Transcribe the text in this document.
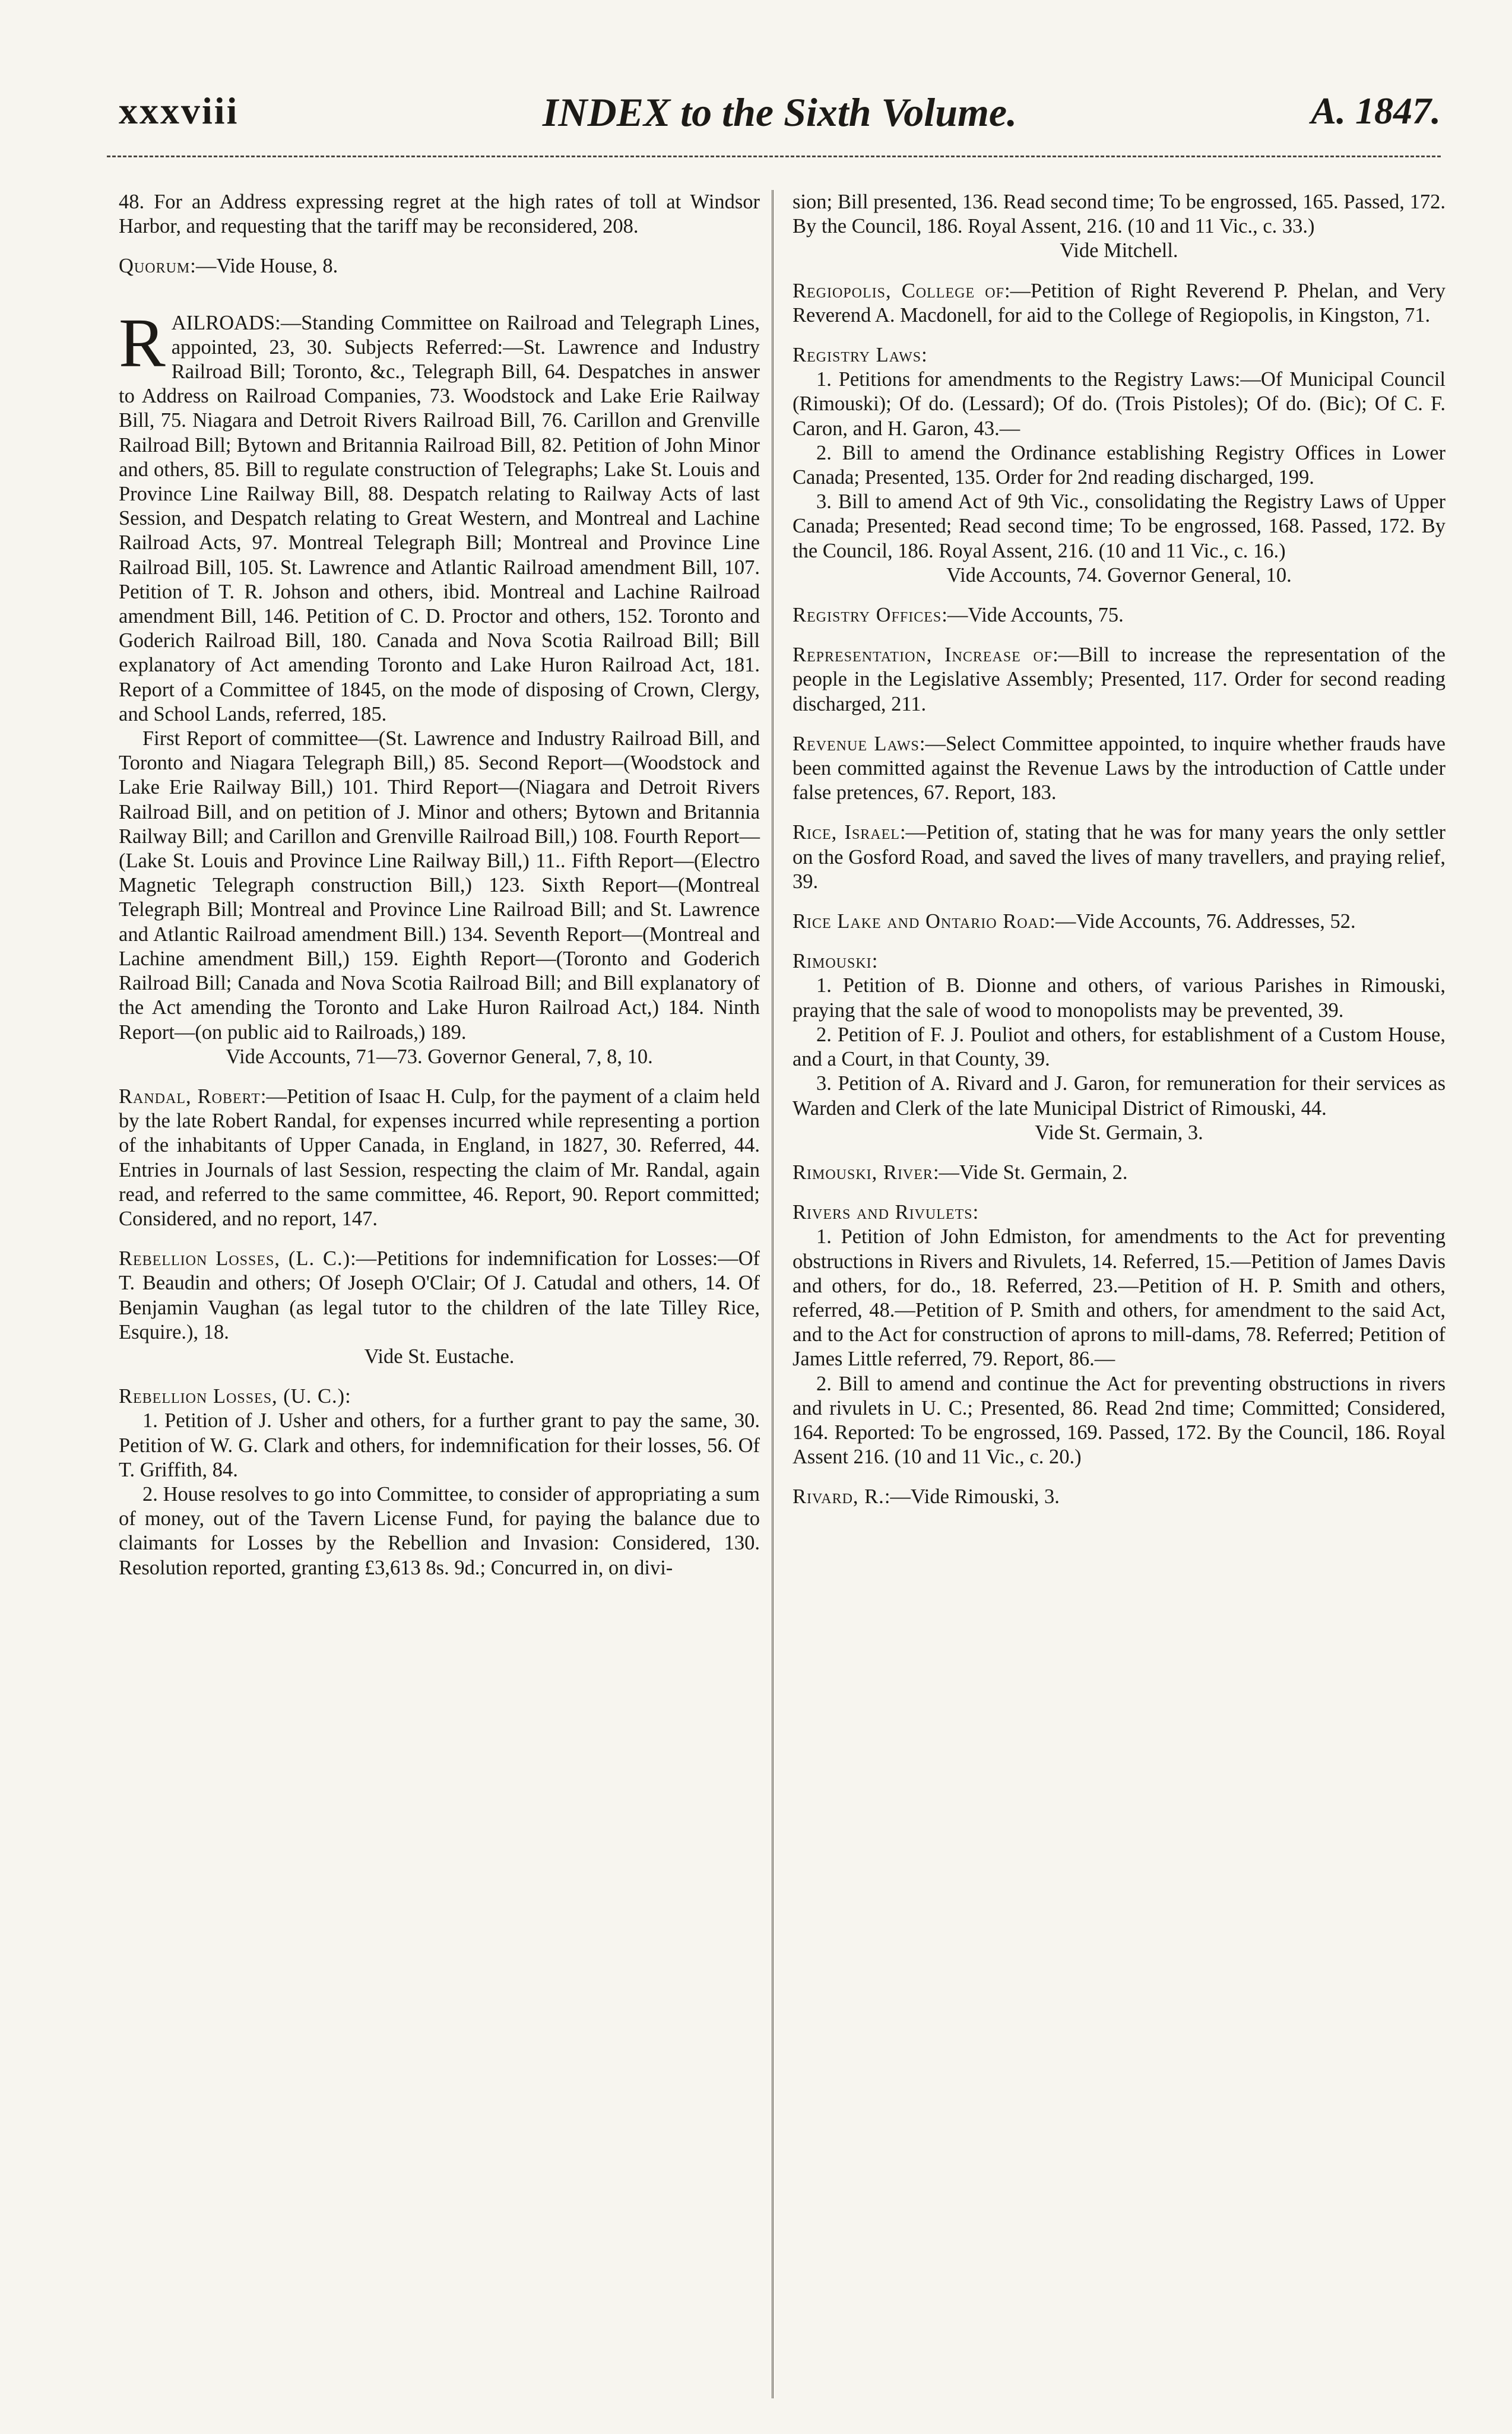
xxxviii	INDEX to the Sixth Volume.	A. 1847.

48. For an Address expressing regret at the high rates of toll at Windsor Harbor, and requesting that the tariff may be reconsidered, 208.

Quorum:—Vide House, 8.

RAILROADS:—Standing Committee on Railroad and Telegraph Lines, appointed, 23, 30. Subjects Referred:—St. Lawrence and Industry Railroad Bill; Toronto, &c., Telegraph Bill, 64. Despatches in answer to Address on Railroad Companies, 73. Woodstock and Lake Erie Railway Bill, 75. Niagara and Detroit Rivers Railroad Bill, 76. Carillon and Grenville Railroad Bill; Bytown and Britannia Railroad Bill, 82. Petition of John Minor and others, 85. Bill to regulate construction of Telegraphs; Lake St. Louis and Province Line Railway Bill, 88. Despatch relating to Railway Acts of last Session, and Despatch relating to Great Western, and Montreal and Lachine Railroad Acts, 97. Montreal Telegraph Bill; Montreal and Province Line Railroad Bill, 105. St. Lawrence and Atlantic Railroad amendment Bill, 107. Petition of T. R. Johson and others, ibid. Montreal and Lachine Railroad amendment Bill, 146. Petition of C. D. Proctor and others, 152. Toronto and Goderich Railroad Bill, 180. Canada and Nova Scotia Railroad Bill; Bill explanatory of Act amending Toronto and Lake Huron Railroad Act, 181. Report of a Committee of 1845, on the mode of disposing of Crown, Clergy, and School Lands, referred, 185.

First Report of committee—(St. Lawrence and Industry Railroad Bill, and Toronto and Niagara Telegraph Bill,) 85. Second Report—(Woodstock and Lake Erie Railway Bill,) 101. Third Report—(Niagara and Detroit Rivers Railroad Bill, and on petition of J. Minor and others; Bytown and Britannia Railway Bill; and Carillon and Grenville Railroad Bill,) 108. Fourth Report—(Lake St. Louis and Province Line Railway Bill,) 11.. Fifth Report—(Electro Magnetic Telegraph construction Bill,) 123. Sixth Report—(Montreal Telegraph Bill; Montreal and Province Line Railroad Bill; and St. Lawrence and Atlantic Railroad amendment Bill.) 134. Seventh Report—(Montreal and Lachine amendment Bill,) 159. Eighth Report—(Toronto and Goderich Railroad Bill; Canada and Nova Scotia Railroad Bill; and Bill explanatory of the Act amending the Toronto and Lake Huron Railroad Act,) 184. Ninth Report—(on public aid to Railroads,) 189.

Vide Accounts, 71—73. Governor General, 7, 8, 10.

Randal, Robert:—Petition of Isaac H. Culp, for the payment of a claim held by the late Robert Randal, for expenses incurred while representing a portion of the inhabitants of Upper Canada, in England, in 1827, 30. Referred, 44. Entries in Journals of last Session, respecting the claim of Mr. Randal, again read, and referred to the same committee, 46. Report, 90. Report committed; Considered, and no report, 147.

Rebellion Losses, (L. C.):—Petitions for indemnification for Losses:—Of T. Beaudin and others; Of Joseph O'Clair; Of J. Catudal and others, 14. Of Benjamin Vaughan (as legal tutor to the children of the late Tilley Rice, Esquire.), 18.

Vide St. Eustache.

Rebellion Losses, (U. C.):

1. Petition of J. Usher and others, for a further grant to pay the same, 30. Petition of W. G. Clark and others, for indemnification for their losses, 56. Of T. Griffith, 84.

2. House resolves to go into Committee, to consider of appropriating a sum of money, out of the Tavern License Fund, for paying the balance due to claimants for Losses by the Rebellion and Invasion: Considered, 130. Resolution reported, granting £3,613 8s. 9d.; Concurred in, on divi-

sion; Bill presented, 136. Read second time; To be engrossed, 165. Passed, 172. By the Council, 186. Royal Assent, 216. (10 and 11 Vic., c. 33.)

Vide Mitchell.

Regiopolis, College of:—Petition of Right Reverend P. Phelan, and Very Reverend A. Macdonell, for aid to the College of Regiopolis, in Kingston, 71.

Registry Laws:

1. Petitions for amendments to the Registry Laws:—Of Municipal Council (Rimouski); Of do. (Lessard); Of do. (Trois Pistoles); Of do. (Bic); Of C. F. Caron, and H. Garon, 43.—

2. Bill to amend the Ordinance establishing Registry Offices in Lower Canada; Presented, 135. Order for 2nd reading discharged, 199.

3. Bill to amend Act of 9th Vic., consolidating the Registry Laws of Upper Canada; Presented; Read second time; To be engrossed, 168. Passed, 172. By the Council, 186. Royal Assent, 216. (10 and 11 Vic., c. 16.)

Vide Accounts, 74. Governor General, 10.

Registry Offices:—Vide Accounts, 75.

Representation, Increase of:—Bill to increase the representation of the people in the Legislative Assembly; Presented, 117. Order for second reading discharged, 211.

Revenue Laws:—Select Committee appointed, to inquire whether frauds have been committed against the Revenue Laws by the introduction of Cattle under false pretences, 67. Report, 183.

Rice, Israel:—Petition of, stating that he was for many years the only settler on the Gosford Road, and saved the lives of many travellers, and praying relief, 39.

Rice Lake and Ontario Road:—Vide Accounts, 76. Addresses, 52.

Rimouski:

1. Petition of B. Dionne and others, of various Parishes in Rimouski, praying that the sale of wood to monopolists may be prevented, 39.

2. Petition of F. J. Pouliot and others, for establishment of a Custom House, and a Court, in that County, 39.

3. Petition of A. Rivard and J. Garon, for remuneration for their services as Warden and Clerk of the late Municipal District of Rimouski, 44.

Vide St. Germain, 3.

Rimouski, River:—Vide St. Germain, 2.

Rivers and Rivulets:

1. Petition of John Edmiston, for amendments to the Act for preventing obstructions in Rivers and Rivulets, 14. Referred, 15.—Petition of James Davis and others, for do., 18. Referred, 23.—Petition of H. P. Smith and others, referred, 48.—Petition of P. Smith and others, for amendment to the said Act, and to the Act for construction of aprons to mill-dams, 78. Referred; Petition of James Little referred, 79. Report, 86.—

2. Bill to amend and continue the Act for preventing obstructions in rivers and rivulets in U. C.; Presented, 86. Read 2nd time; Committed; Considered, 164. Reported: To be engrossed, 169. Passed, 172. By the Council, 186. Royal Assent 216. (10 and 11 Vic., c. 20.)

Rivard, R.:—Vide Rimouski, 3.
